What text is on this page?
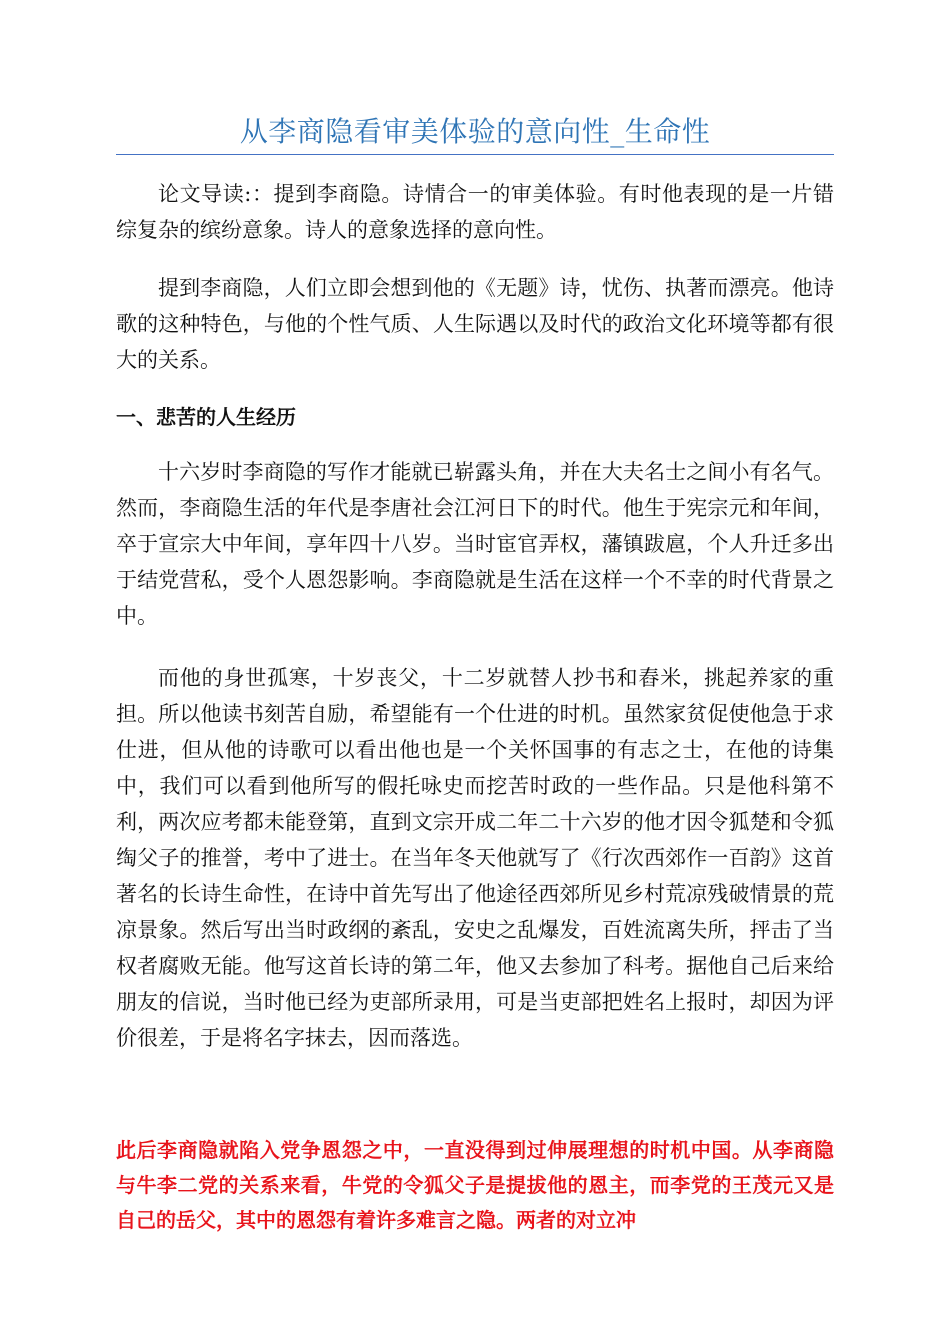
从李商隐看审美体验的意向性_生命性

论文导读:：提到李商隐。诗情合一的审美体验。有时他表现的是一片错综复杂的缤纷意象。诗人的意象选择的意向性。

提到李商隐，人们立即会想到他的《无题》诗，忧伤、执著而漂亮。他诗歌的这种特色，与他的个性气质、人生际遇以及时代的政治文化环境等都有很大的关系。

一、悲苦的人生经历

十六岁时李商隐的写作才能就已崭露头角，并在大夫名士之间小有名气。然而，李商隐生活的年代是李唐社会江河日下的时代。他生于宪宗元和年间，卒于宣宗大中年间，享年四十八岁。当时宦官弄权，藩镇跋扈，个人升迁多出于结党营私，受个人恩怨影响。李商隐就是生活在这样一个不幸的时代背景之中。

而他的身世孤寒，十岁丧父，十二岁就替人抄书和舂米，挑起养家的重担。所以他读书刻苦自励，希望能有一个仕进的时机。虽然家贫促使他急于求仕进，但从他的诗歌可以看出他也是一个关怀国事的有志之士，在他的诗集中，我们可以看到他所写的假托咏史而挖苦时政的一些作品。只是他科第不利，两次应考都未能登第，直到文宗开成二年二十六岁的他才因令狐楚和令狐绹父子的推誉，考中了进士。在当年冬天他就写了《行次西郊作一百韵》这首著名的长诗生命性，在诗中首先写出了他途径西郊所见乡村荒凉残破情景的荒凉景象。然后写出当时政纲的紊乱，安史之乱爆发，百姓流离失所，抨击了当权者腐败无能。他写这首长诗的第二年，他又去参加了科考。据他自己后来给朋友的信说，当时他已经为吏部所录用，可是当吏部把姓名上报时，却因为评价很差，于是将名字抹去，因而落选。

此后李商隐就陷入党争恩怨之中，一直没得到过伸展理想的时机中国。从李商隐与牛李二党的关系来看，牛党的令狐父子是提拔他的恩主，而李党的王茂元又是自己的岳父，其中的恩怨有着许多难言之隐。两者的对立冲
